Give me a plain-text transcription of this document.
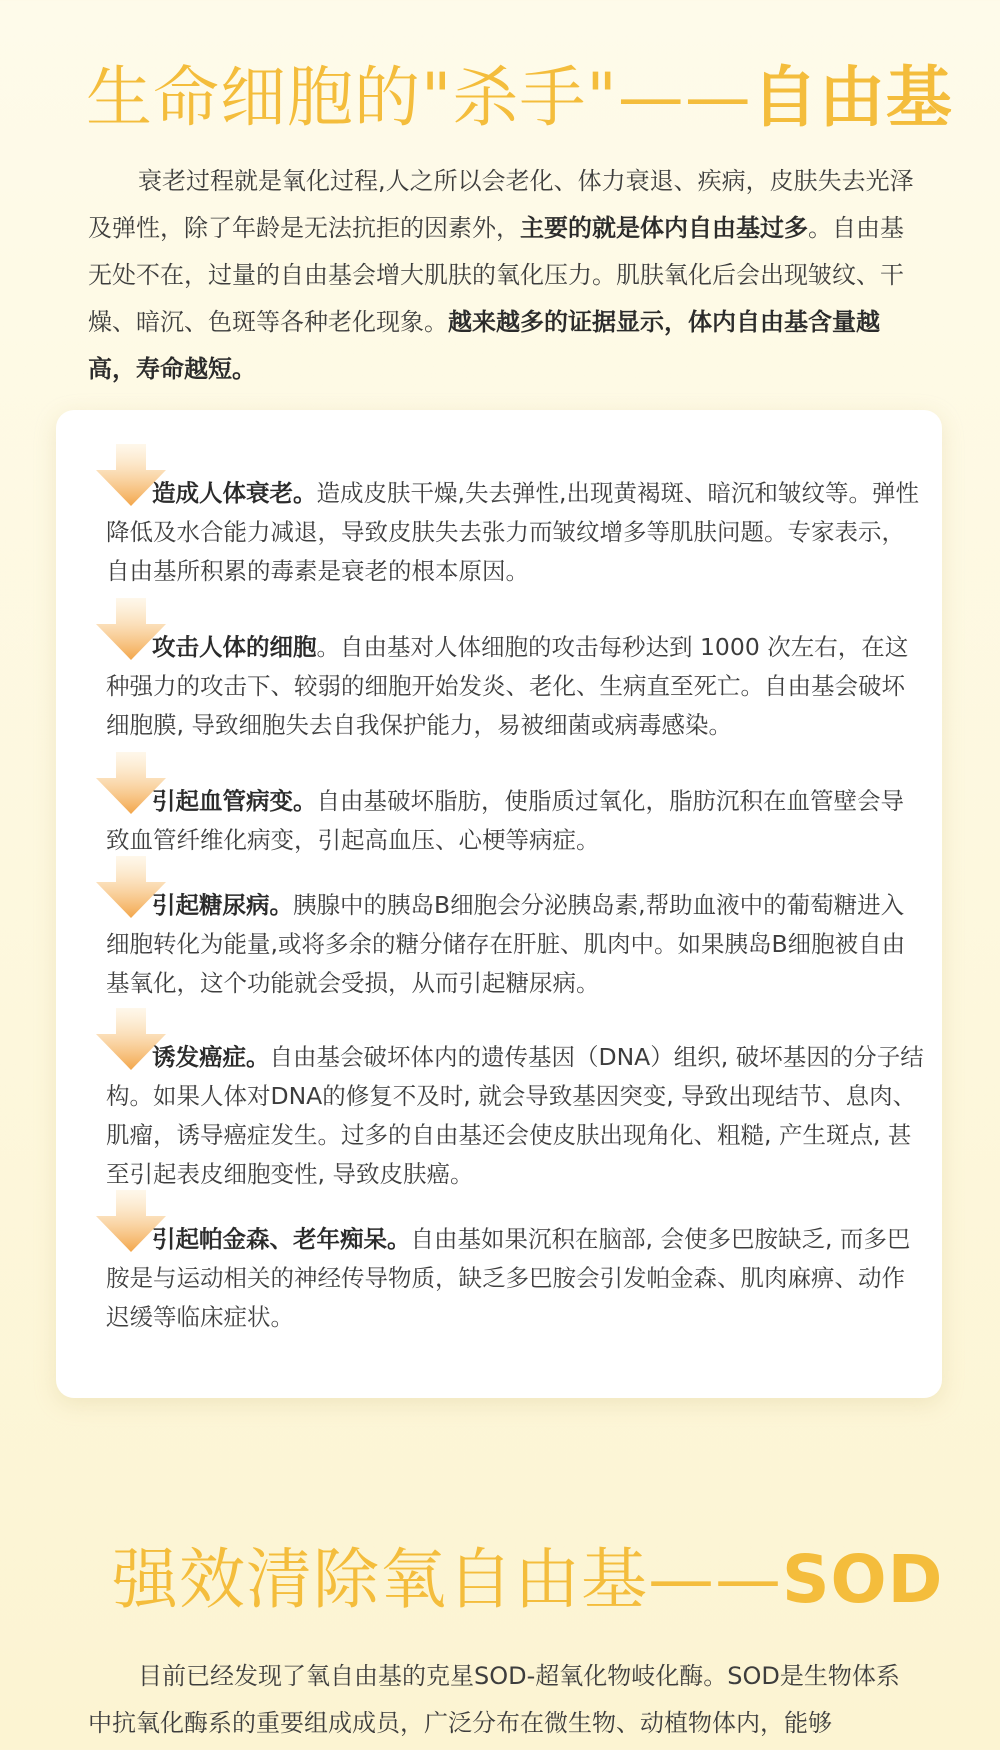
生命细胞的"杀手"——自由基

衰老过程就是氧化过程,人之所以会老化、体力衰退、疾病，皮肤失去光泽及弹性，除了年龄是无法抗拒的因素外，主要的就是体内自由基过多。自由基无处不在，过量的自由基会增大肌肤的氧化压力。肌肤氧化后会出现皱纹、干燥、暗沉、色斑等各种老化现象。越来越多的证据显示，体内自由基含量越高，寿命越短。

造成人体衰老。造成皮肤干燥,失去弹性,出现黄褐斑、暗沉和皱纹等。弹性降低及水合能力减退，导致皮肤失去张力而皱纹增多等肌肤问题。专家表示，自由基所积累的毒素是衰老的根本原因。
攻击人体的细胞。自由基对人体细胞的攻击每秒达到 1000 次左右，在这种强力的攻击下、较弱的细胞开始发炎、老化、生病直至死亡。自由基会破坏细胞膜, 导致细胞失去自我保护能力，易被细菌或病毒感染。
引起血管病变。自由基破坏脂肪，使脂质过氧化，脂肪沉积在血管壁会导致血管纤维化病变，引起高血压、心梗等病症。
引起糖尿病。胰腺中的胰岛B细胞会分泌胰岛素,帮助血液中的葡萄糖进入细胞转化为能量,或将多余的糖分储存在肝脏、肌肉中。如果胰岛B细胞被自由基氧化，这个功能就会受损，从而引起糖尿病。
诱发癌症。自由基会破坏体内的遗传基因（DNA）组织, 破坏基因的分子结构。如果人体对DNA的修复不及时, 就会导致基因突变, 导致出现结节、息肉、肌瘤，诱导癌症发生。过多的自由基还会使皮肤出现角化、粗糙, 产生斑点, 甚至引起表皮细胞变性, 导致皮肤癌。
引起帕金森、老年痴呆。自由基如果沉积在脑部, 会使多巴胺缺乏, 而多巴胺是与运动相关的神经传导物质，缺乏多巴胺会引发帕金森、肌肉麻痹、动作迟缓等临床症状。
强效清除氧自由基——SOD

目前已经发现了氧自由基的克星SOD-超氧化物岐化酶。SOD是生物体系中抗氧化酶系的重要组成成员，广泛分布在微生物、动植物体内，能够
